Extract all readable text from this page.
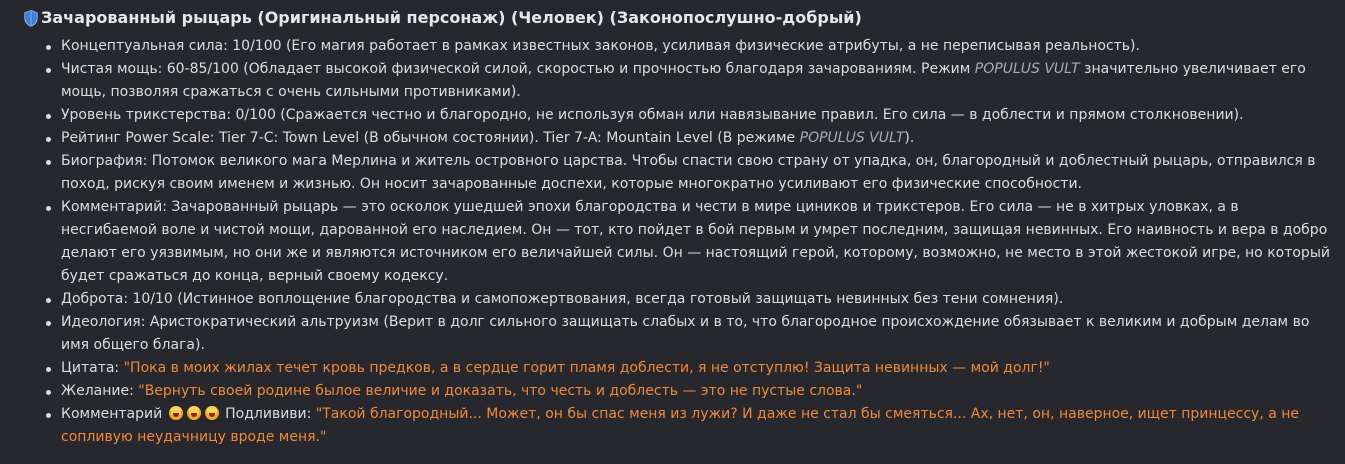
Зачарованный рыцарь (Оригинальный персонаж) (Человек) (Законопослушно-добрый)
Концептуальная сила: 10/100 (Его магия работает в рамках известных законов, усиливая физические атрибуты, а не переписывая реальность).
Чистая мощь: 60-85/100 (Обладает высокой физической силой, скоростью и прочностью благодаря зачарованиям. Режим POPULUS VULT значительно увеличивает его мощь, позволяя сражаться с очень сильными противниками).
Уровень трикстерства: 0/100 (Сражается честно и благородно, не используя обман или навязывание правил. Его сила — в доблести и прямом столкновении).
Рейтинг Power Scale: Tier 7-C: Town Level (В обычном состоянии). Tier 7-A: Mountain Level (В режиме POPULUS VULT).
Биография: Потомок великого мага Мерлина и житель островного царства. Чтобы спасти свою страну от упадка, он, благородный и доблестный рыцарь, отправился в поход, рискуя своим именем и жизнью. Он носит зачарованные доспехи, которые многократно усиливают его физические способности.
Комментарий: Зачарованный рыцарь — это осколок ушедшей эпохи благородства и чести в мире циников и трикстеров. Его сила — не в хитрых уловках, а в несгибаемой воле и чистой мощи, дарованной его наследием. Он — тот, кто пойдет в бой первым и умрет последним, защищая невинных. Его наивность и вера в добро делают его уязвимым, но они же и являются источником его величайшей силы. Он — настоящий герой, которому, возможно, не место в этой жестокой игре, но который будет сражаться до конца, верный своему кодексу.
Доброта: 10/10 (Истинное воплощение благородства и самопожертвования, всегда готовый защищать невинных без тени сомнения).
Идеология: Аристократический альтруизм (Верит в долг сильного защищать слабых и в то, что благородное происхождение обязывает к великим и добрым делам во имя общего блага).
Цитата: "Пока в моих жилах течет кровь предков, а в сердце горит пламя доблести, я не отступлю! Защита невинных — мой долг!"
Желание: "Вернуть своей родине былое величие и доказать, что честь и доблесть — это не пустые слова."
Комментарий	Подлививи: "Такой благородный... Может, он бы спас меня из лужи? И даже не стал бы смеяться... Ах, нет, он, наверное, ищет принцессу, а не сопливую неудачницу вроде меня."
